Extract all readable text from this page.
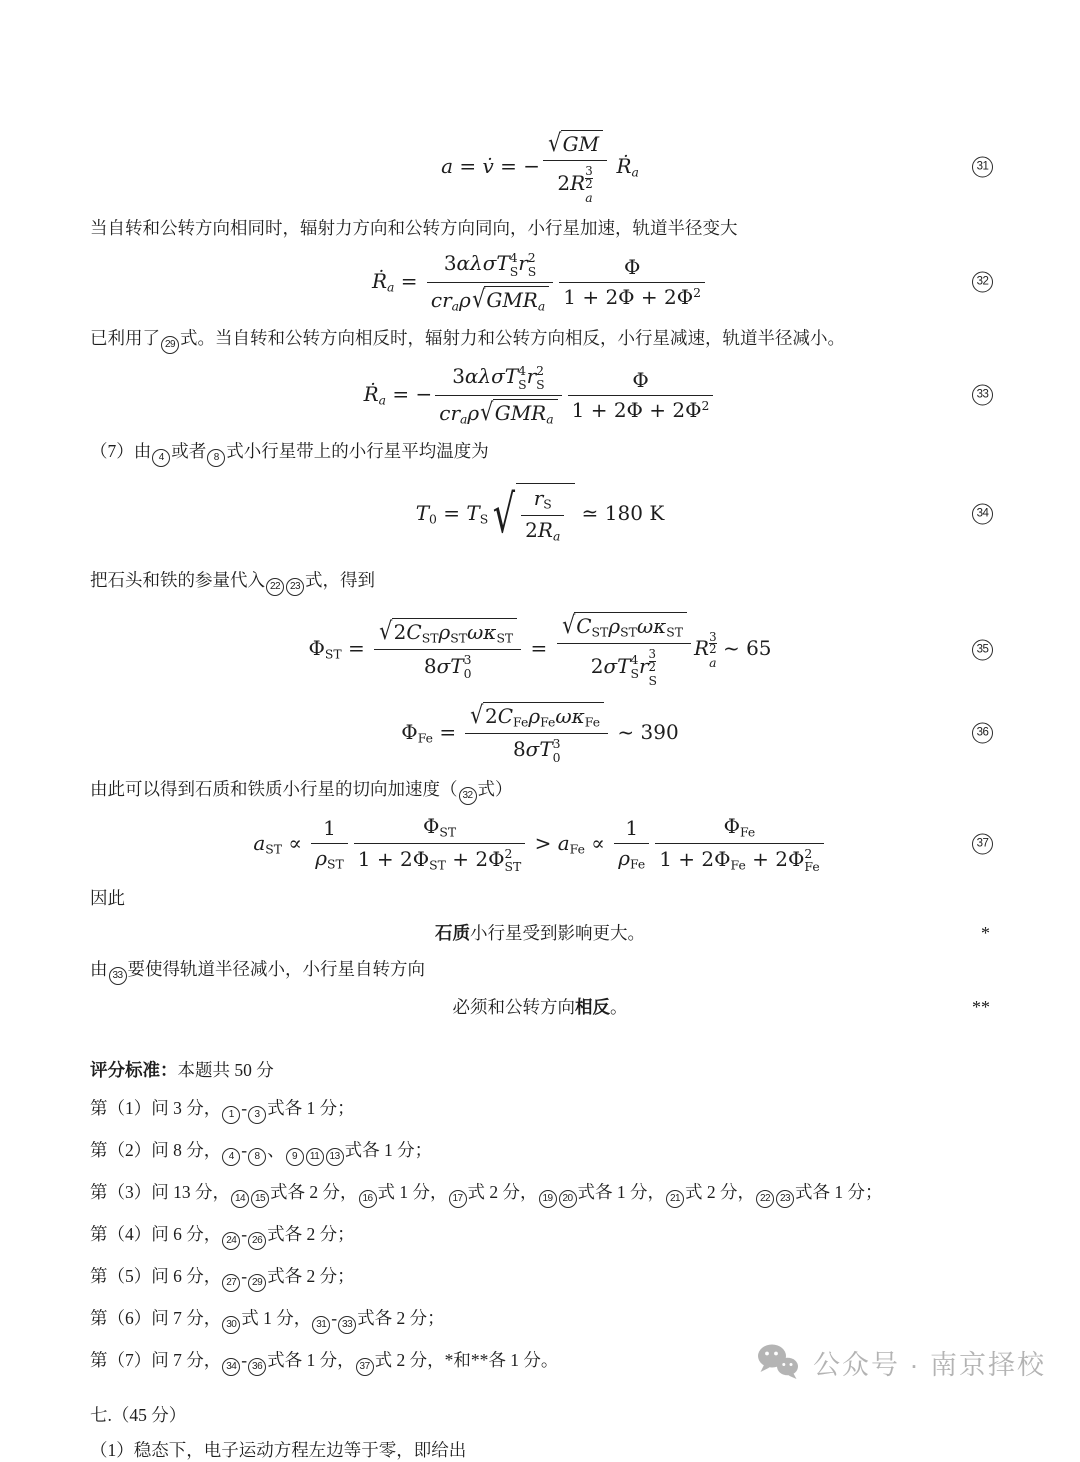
a = v̇ = − √GM
$2R \frac{3}{2}$
a Ṙa	31

当自转和公转方向相同时，辐射力方向和公转方向同向，小行星加速，轨道半径变大

Ṙa =
3αλσT 4
S r 2
S
craρ√GMRa $\frac{\Phi}{1 + 2\Phi + 2\Phi^2}$	32

已利用了 29 式。当自转和公转方向相反时，辐射力和公转方向相反，小行星减速，轨道半径减小。

Ṙa = −
3αλσT 4
S r 2
S
craρ√GMRa $\frac{\Phi}{1 + 2\Phi + 2\Phi^2}$	33

（7）由 4 或者 8 式小行星带上的小行星平均温度为

T0 = TS √ $\frac{rS}{2Ra}$ ≃ 180 K	34

把石头和铁的参量代入 22 23 式，得到

ΦST =
√2CSTρSTωκST
8σT 3
0
=
√CSTρSTωκST
2σT 4
S r $\frac{3}{2}$
S
R $\frac{3}{2}$
a
~ 65	35
ΦFe =
√2CFeρFeωκFe
8σT 3
0
~ 390	36

由此可以得到石质和铁质小行星的切向加速度（ 32 式）

aST ∝
1
ρST
ΦST
1 + 2ΦST + 2Φ 2
ST
> aFe ∝
1
ρFe
ΦFe
1 + 2ΦFe + 2Φ 2
Fe
37

因此

石质小行星受到影响更大。	*

由 33 要使得轨道半径减小，小行星自转方向

必须和公转方向相反。	**

评分标准：本题共 50 分

第（1）问 3 分， 1 - 3 式各 1 分；

第（2）问 8 分， 4 - 8 、 9 11 13 式各 1 分；

第（3）问 13 分， 14 15 式各 2 分， 16 式 1 分， 17 式 2 分， 19 20 式各 1 分， 21 式 2 分， 22 23 式各 1 分；

第（4）问 6 分， 24 - 26 式各 2 分；

第（5）问 6 分， 27 - 29 式各 2 分；

第（6）问 7 分， 30 式 1 分， 31 - 33 式各 2 分；

第（7）问 7 分， 34 - 36 式各 1 分， 37 式 2 分，*和**各 1 分。

七.（45 分）

（1）稳态下，电子运动方程左边等于零，即给出

公众号 · 南京择校
